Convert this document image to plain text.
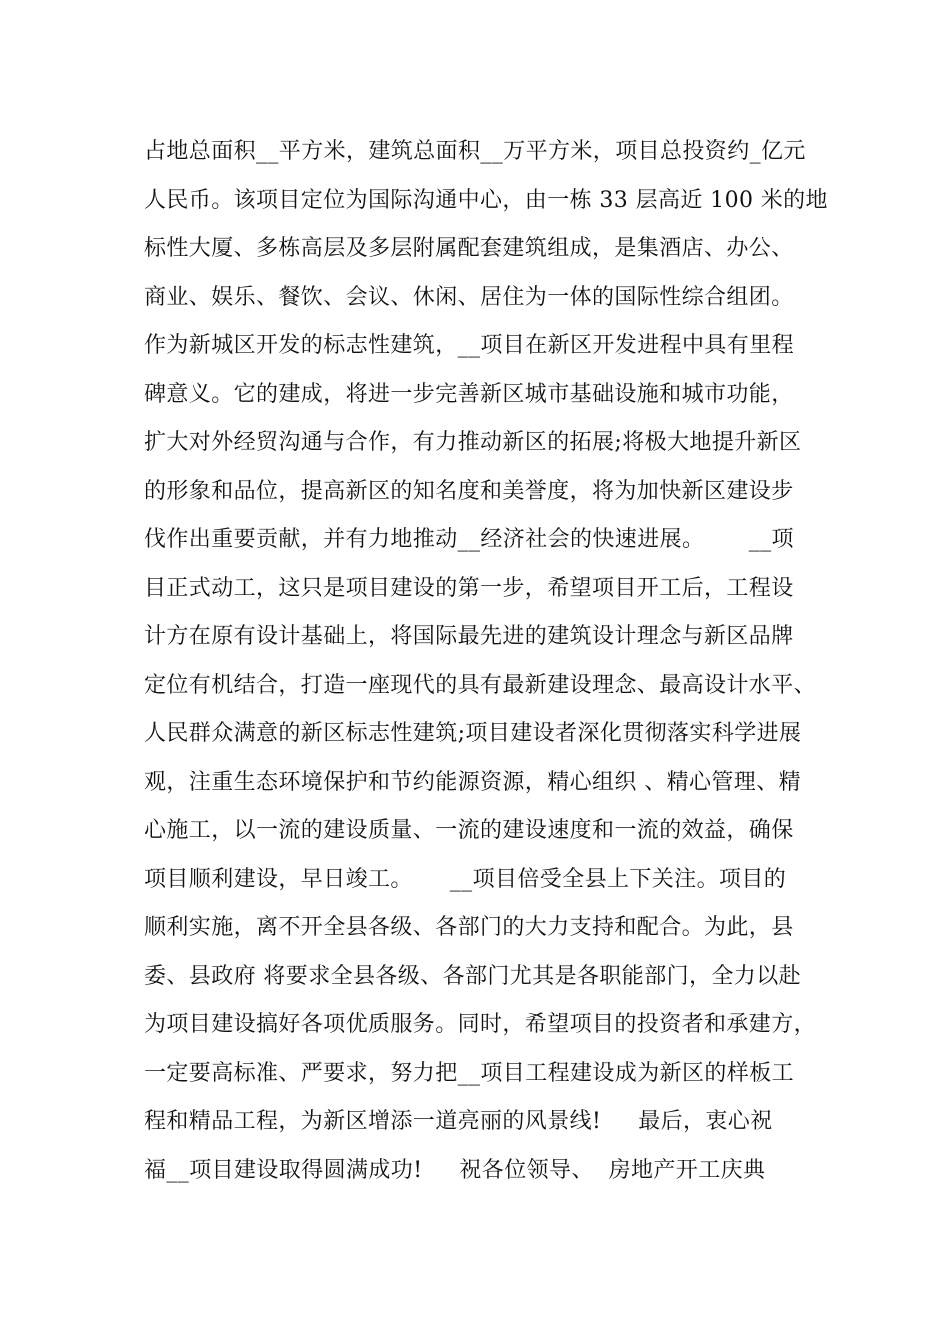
占地总面积__平方米，建筑总面积__万平方米，项目总投资约_亿元
人民币。该项目定位为国际沟通中心，由一栋 33 层高近 100 米的地
标性大厦、多栋高层及多层附属配套建筑组成，是集酒店、办公、
商业、娱乐、餐饮、会议、休闲、居住为一体的国际性综合组团。
作为新城区开发的标志性建筑，__项目在新区开发进程中具有里程
碑意义。它的建成，将进一步完善新区城市基础设施和城市功能，
扩大对外经贸沟通与合作，有力推动新区的拓展;将极大地提升新区
的形象和品位，提高新区的知名度和美誉度，将为加快新区建设步
伐作出重要贡献，并有力地推动__经济社会的快速进展。      __项
目正式动工，这只是项目建设的第一步，希望项目开工后，工程设
计方在原有设计基础上，将国际最先进的建筑设计理念与新区品牌
定位有机结合，打造一座现代的具有最新建设理念、最高设计水平、
人民群众满意的新区标志性建筑;项目建设者深化贯彻落实科学进展
观，注重生态环境保护和节约能源资源，精心组织 、精心管理、精
心施工，以一流的建设质量、一流的建设速度和一流的效益，确保
项目顺利建设，早日竣工。     __项目倍受全县上下关注。项目的
顺利实施，离不开全县各级、各部门的大力支持和配合。为此，县
委、县政府 将要求全县各级、各部门尤其是各职能部门，全力以赴
为项目建设搞好各项优质服务。同时，希望项目的投资者和承建方，
一定要高标准、严要求，努力把__项目工程建设成为新区的样板工
程和精品工程，为新区增添一道亮丽的风景线!     最后，衷心祝
福__项目建设取得圆满成功!     祝各位领导、  房地产开工庆典
